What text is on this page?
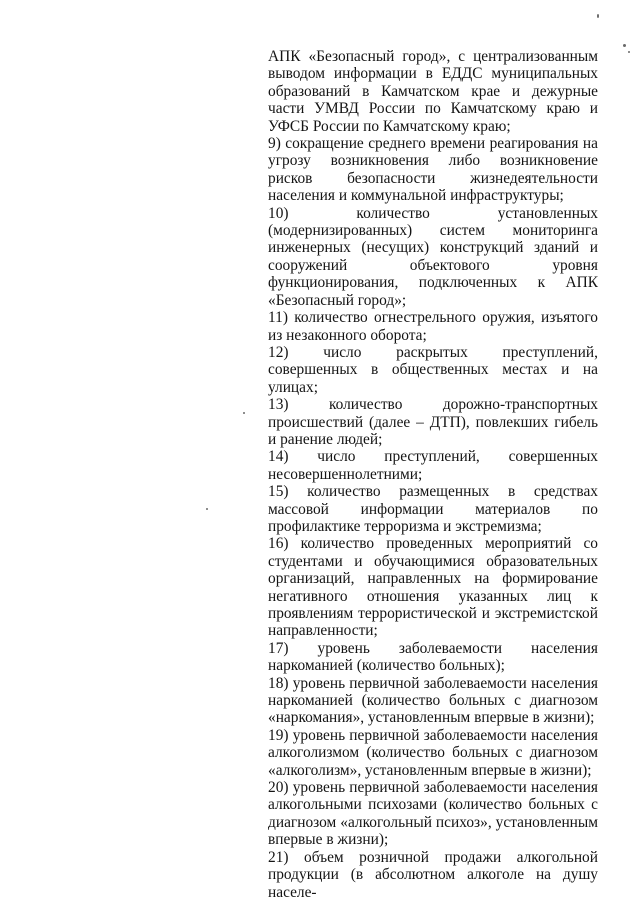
АПК «Безопасный город», с централизованным выводом информации в ЕДДС муниципальных образований в Камчатском крае и дежурные части УМВД России по Камчатскому краю и УФСБ России по Камчатскому краю;

9) сокращение среднего времени реагирования на угрозу возникновения либо возникновение рисков безопасности жизнедеятельности населения и коммунальной инфраструктуры;

10) количество установленных (модернизированных) систем мониторинга инженерных (несущих) конструкций зданий и сооружений объектового уровня функционирования, подключенных к АПК «Безопасный город»;

11) количество огнестрельного оружия, изъятого из незаконного оборота;

12) число раскрытых преступлений, совершенных в общественных местах и на улицах;

13) количество дорожно-транспортных происшествий (далее – ДТП), повлекших гибель и ранение людей;

14) число преступлений, совершенных несовершеннолетними;

15) количество размещенных в средствах массовой информации материалов по профилактике терроризма и экстремизма;

16) количество проведенных мероприятий со студентами и обучающимися образовательных организаций, направленных на формирование негативного отношения указанных лиц к проявлениям террористической и экстремистской направленности;

17) уровень заболеваемости населения наркоманией (количество больных);

18) уровень первичной заболеваемости населения наркоманией (количество больных с диагнозом «наркомания», установленным впервые в жизни);

19) уровень первичной заболеваемости населения алкоголизмом (количество больных с диагнозом «алкоголизм», установленным впервые в жизни);

20) уровень первичной заболеваемости населения алкогольными психозами (количество больных с диагнозом «алкогольный психоз», установленным впервые в жизни);

21) объем розничной продажи алкогольной продукции (в абсолютном алкоголе на душу населе-
